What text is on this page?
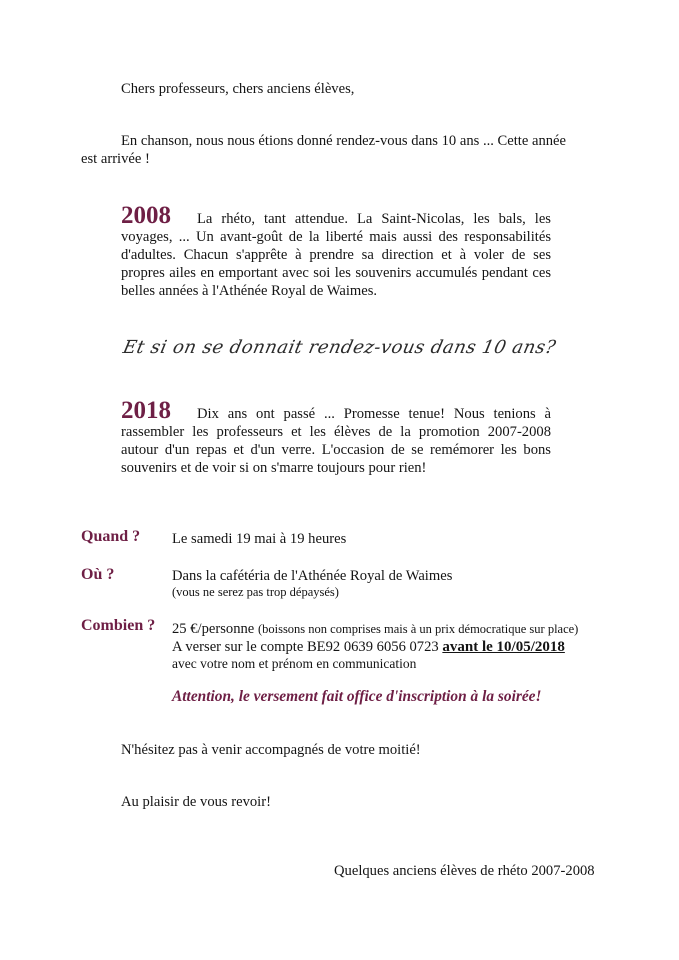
Chers professeurs, chers anciens élèves,
En chanson, nous nous étions donné rendez-vous dans 10 ans ... Cette année
est arrivée !
2008 La rhéto, tant attendue. La Saint-Nicolas, les bals, les voyages, ... Un avant-goût de la liberté mais aussi des responsabilités d'adultes. Chacun s'apprête à prendre sa direction et à voler de ses propres ailes en emportant avec soi les souvenirs accumulés pendant ces belles années à l'Athénée Royal de Waimes.
Et si on se donnait rendez-vous dans 10 ans?
2018 Dix ans ont passé ... Promesse tenue! Nous tenions à rassembler les professeurs et les élèves de la promotion 2007-2008 autour d'un repas et d'un verre. L'occasion de se remémorer les bons souvenirs et de voir si on s'marre toujours pour rien!
Quand ? Le samedi 19 mai à 19 heures
Où ?	Dans la cafétéria de l'Athénée Royal de Waimes
(vous ne serez pas trop dépaysés)
Combien ? 25 €/personne (boissons non comprises mais à un prix démocratique sur place)
A verser sur le compte BE92 0639 6056 0723 avant le 10/05/2018
avec votre nom et prénom en communication
Attention, le versement fait office d'inscription à la soirée!
N'hésitez pas à venir accompagnés de votre moitié!
Au plaisir de vous revoir!
Quelques anciens élèves de rhéto 2007-2008
